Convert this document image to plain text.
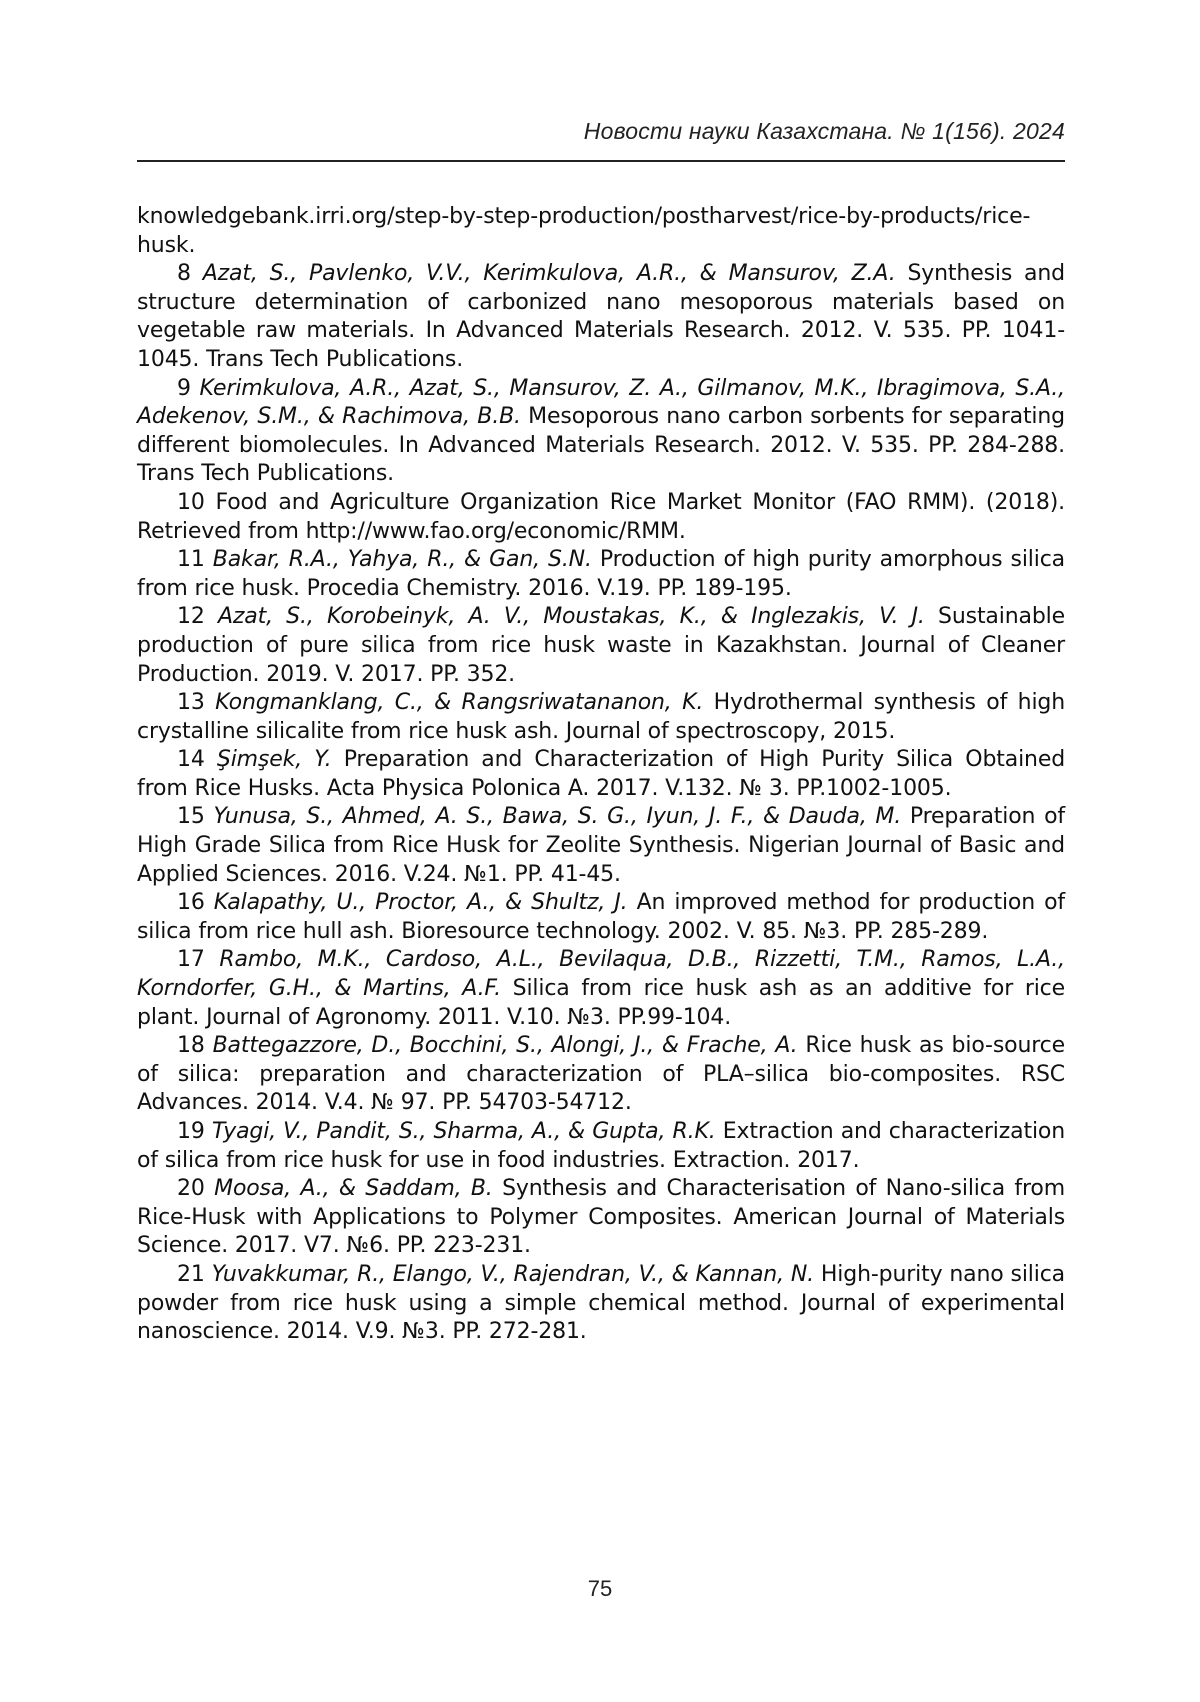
Новости науки Казахстана. № 1(156). 2024

knowledgebank.irri.org/step-by-step-production/postharvest/rice-by-products/rice-husk.

8 Azat, S., Pavlenko, V.V., Kerimkulova, A.R., & Mansurov, Z.A. Synthesis and structure determination of carbonized nano mesoporous materials based on vegetable raw materials. In Advanced Materials Research. 2012. V. 535. PP. 1041-1045. Trans Tech Publications.

9 Kerimkulova, A.R., Azat, S., Mansurov, Z. A., Gilmanov, M.K., Ibragimova, S.A., Adekenov, S.M., & Rachimova, B.B. Mesoporous nano carbon sorbents for separating different biomolecules. In Advanced Materials Research. 2012. V. 535. PP. 284-288. Trans Tech Publications.

10 Food and Agriculture Organization Rice Market Monitor (FAO RMM). (2018). Retrieved from http://www.fao.org/economic/RMM.

11 Bakar, R.A., Yahya, R., & Gan, S.N. Production of high purity amorphous silica from rice husk. Procedia Chemistry. 2016. V.19. PP. 189-195.

12 Azat, S., Korobeinyk, A. V., Moustakas, K., & Inglezakis, V. J. Sustainable production of pure silica from rice husk waste in Kazakhstan. Journal of Cleaner Production. 2019. V. 2017. PP. 352.

13 Kongmanklang, C., & Rangsriwatananon, K. Hydrothermal synthesis of high crystalline silicalite from rice husk ash. Journal of spectroscopy, 2015.

14 Şimşek, Y. Preparation and Characterization of High Purity Silica Obtained from Rice Husks. Acta Physica Polonica A. 2017. V.132. № 3. PP.1002-1005.

15 Yunusa, S., Ahmed, A. S., Bawa, S. G., Iyun, J. F., & Dauda, M. Preparation of High Grade Silica from Rice Husk for Zeolite Synthesis. Nigerian Journal of Basic and Applied Sciences. 2016. V.24. №1. PP. 41-45.

16 Kalapathy, U., Proctor, A., & Shultz, J. An improved method for production of silica from rice hull ash. Bioresource technology. 2002. V. 85. №3. PP. 285-289.

17 Rambo, M.K., Cardoso, A.L., Bevilaqua, D.B., Rizzetti, T.M., Ramos, L.A., Korndorfer, G.H., & Martins, A.F. Silica from rice husk ash as an additive for rice plant. Journal of Agronomy. 2011. V.10. №3. PP.99-104.

18 Battegazzore, D., Bocchini, S., Alongi, J., & Frache, A. Rice husk as bio-source of silica: preparation and characterization of PLA–silica bio-composites. RSC Advances. 2014. V.4. № 97. PP. 54703-54712.

19 Tyagi, V., Pandit, S., Sharma, A., & Gupta, R.K. Extraction and characterization of silica from rice husk for use in food industries. Extraction. 2017.

20 Moosa, A., & Saddam, B. Synthesis and Characterisation of Nano-silica from Rice-Husk with Applications to Polymer Composites. American Journal of Materials Science. 2017. V7. №6. PP. 223-231.

21 Yuvakkumar, R., Elango, V., Rajendran, V., & Kannan, N. High-purity nano silica powder from rice husk using a simple chemical method. Journal of experimental nanoscience. 2014. V.9. №3. PP. 272-281.

75
